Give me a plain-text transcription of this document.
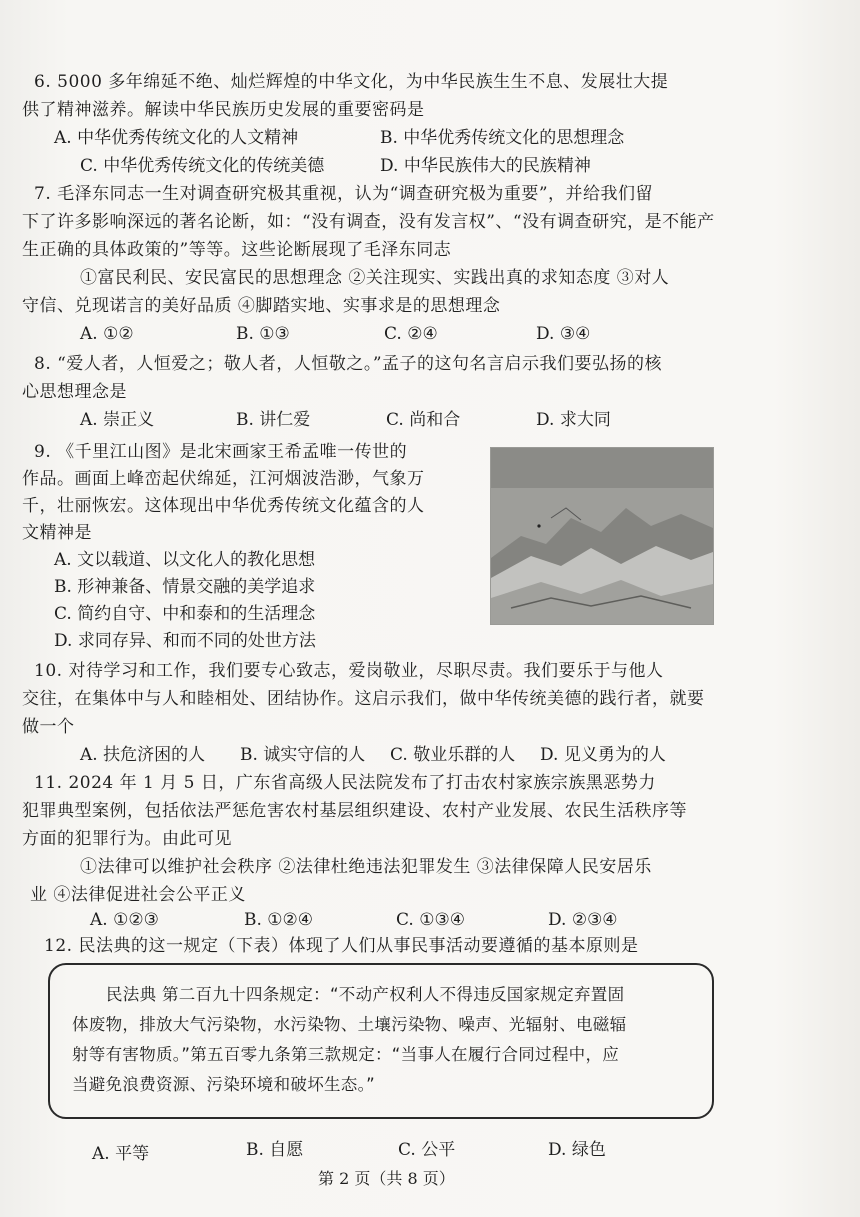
6. 5000 多年绵延不绝、灿烂辉煌的中华文化，为中华民族生生不息、发展壮大提
供了精神滋养。解读中华民族历史发展的重要密码是
A. 中华优秀传统文化的人文精神	B. 中华优秀传统文化的思想理念
C. 中华优秀传统文化的传统美德	D. 中华民族伟大的民族精神
7. 毛泽东同志一生对调查研究极其重视，认为“调查研究极为重要”，并给我们留
下了许多影响深远的著名论断，如：“没有调查，没有发言权”、“没有调查研究，是不能产
生正确的具体政策的”等等。这些论断展现了毛泽东同志
①富民利民、安民富民的思想理念 ②关注现实、实践出真的求知态度 ③对人
守信、兑现诺言的美好品质 ④脚踏实地、实事求是的思想理念
A. ①②	B. ①③	C. ②④	D. ③④
8. “爱人者，人恒爱之；敬人者，人恒敬之。”孟子的这句名言启示我们要弘扬的核
心思想理念是
A. 崇正义	B. 讲仁爱	C. 尚和合	D. 求大同
9. 《千里江山图》是北宋画家王希孟唯一传世的
作品。画面上峰峦起伏绵延，江河烟波浩渺，气象万
千，壮丽恢宏。这体现出中华优秀传统文化蕴含的人
文精神是
A. 文以载道、以文化人的教化思想
B. 形神兼备、情景交融的美学追求
C. 简约自守、中和泰和的生活理念
D. 求同存异、和而不同的处世方法
10. 对待学习和工作，我们要专心致志，爱岗敬业，尽职尽责。我们要乐于与他人
交往，在集体中与人和睦相处、团结协作。这启示我们，做中华传统美德的践行者，就要
做一个
A. 扶危济困的人 B. 诚实守信的人 C. 敬业乐群的人 D. 见义勇为的人
11. 2024 年 1 月 5 日，广东省高级人民法院发布了打击农村家族宗族黑恶势力
犯罪典型案例，包括依法严惩危害农村基层组织建设、农村产业发展、农民生活秩序等
方面的犯罪行为。由此可见
①法律可以维护社会秩序 ②法律杜绝违法犯罪发生 ③法律保障人民安居乐
业 ④法律促进社会公平正义
A. ①②③	B. ①②④	C. ①③④	D. ②③④
12. 民法典的这一规定（下表）体现了人们从事民事活动要遵循的基本原则是
民法典 第二百九十四条规定：“不动产权利人不得违反国家规定弃置固
体废物，排放大气污染物，水污染物、土壤污染物、噪声、光辐射、电磁辐
射等有害物质。”第五百零九条第三款规定：“当事人在履行合同过程中，应
当避免浪费资源、污染环境和破坏生态。”
A. 平等	B. 自愿	C. 公平	D. 绿色
第 2 页（共 8 页）
